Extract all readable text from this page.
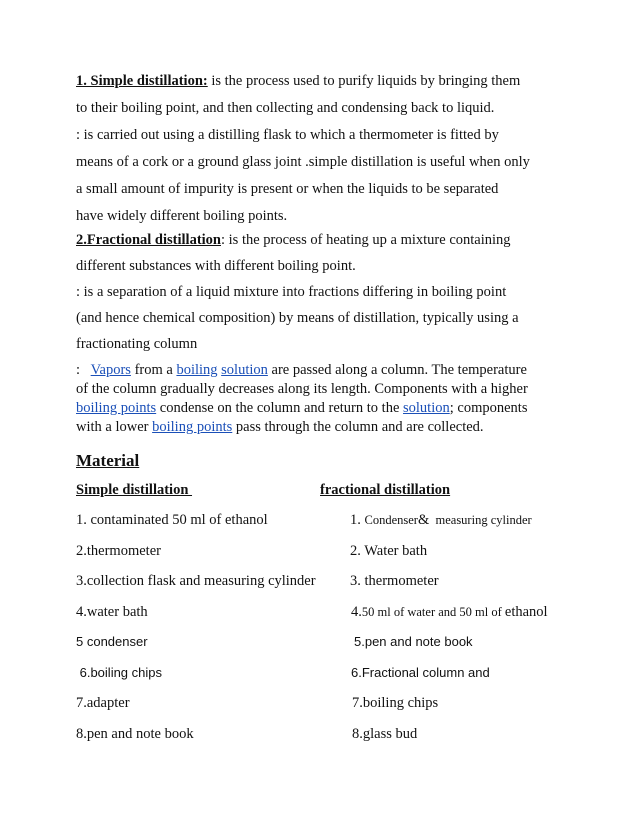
1. Simple distillation: is the process used to purify liquids by bringing them
to their boiling point, and then collecting and condensing back to liquid.
: is carried out using a distilling flask to which a thermometer is fitted by
means of a cork or a ground glass joint .simple distillation is useful when only
a small amount of impurity is present or when the liquids to be separated
have widely different boiling points.
2.Fractional distillation: is the process of heating up a mixture containing
different substances with different boiling point.
: is a separation of a liquid mixture into fractions differing in boiling point
(and hence chemical composition) by means of distillation, typically using a
fractionating column
:   Vapors from a boiling solution are passed along a column. The temperature
of the column gradually decreases along its length. Components with a higher
boiling points condense on the column and return to the solution; components
with a lower boiling points pass through the column and are collected.
Material
Simple distillation	fractional distillation
1. contaminated 50 ml of ethanol
2.thermometer
3.collection flask and measuring cylinder
4.water bath
5 condenser
6.boiling chips
7.adapter
8.pen and note book
1. Condenser&  measuring cylinder
2. Water bath
3. thermometer
4.50 ml of water and 50 ml of ethanol
5.pen and note book
6.Fractional column and
7.boiling chips
8.glass bud
